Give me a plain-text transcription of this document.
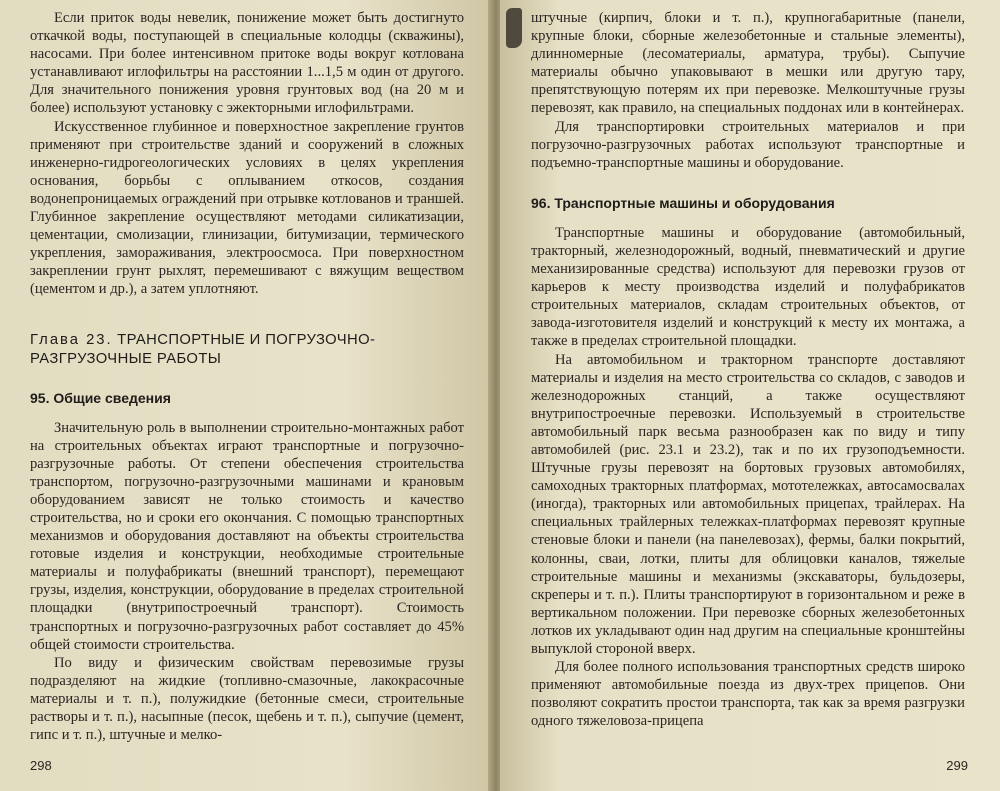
Если приток воды невелик, понижение может быть достигнуто откачкой воды, поступающей в специальные колодцы (скважины), насосами. При более интенсивном притоке воды вокруг котлована устанавливают иглофильтры на расстоянии 1...1,5 м один от другого. Для значительного понижения уровня грунтовых вод (на 20 м и более) используют установку с эжекторными иглофильтрами.

Искусственное глубинное и поверхностное закрепление грунтов применяют при строительстве зданий и сооружений в сложных инженерно-гидрогеологических условиях в целях укрепления основания, борьбы с оплыванием откосов, создания водонепроницаемых ограждений при отрывке котлованов и траншей. Глубинное закрепление осуществляют методами силикатизации, цементации, смолизации, глинизации, битумизации, термического укрепления, замораживания, электроосмоса. При поверхностном закреплении грунт рыхлят, перемешивают с вяжущим веществом (цементом и др.), а затем уплотняют.

Глава 23. ТРАНСПОРТНЫЕ И ПОГРУЗОЧНО-
РАЗГРУЗОЧНЫЕ РАБОТЫ
95. Общие сведения

Значительную роль в выполнении строительно-монтажных работ на строительных объектах играют транспортные и погрузочно-разгрузочные работы. От степени обеспечения строительства транспортом, погрузочно-разгрузочными машинами и крановым оборудованием зависят не только стоимость и качество строительства, но и сроки его окончания. С помощью транспортных механизмов и оборудования доставляют на объекты строительства готовые изделия и конструкции, необходимые строительные материалы и полуфабрикаты (внешний транспорт), перемещают грузы, изделия, конструкции, оборудование в пределах строительной площадки (внутрипостроечный транспорт). Стоимость транспортных и погрузочно-разгрузочных работ составляет до 45% общей стоимости строительства.

По виду и физическим свойствам перевозимые грузы подразделяют на жидкие (топливно-смазочные, лакокрасочные материалы и т. п.), полужидкие (бетонные смеси, строительные растворы и т. п.), насыпные (песок, щебень и т. п.), сыпучие (цемент, гипс и т. п.), штучные и мелко-

298

штучные (кирпич, блоки и т. п.), крупногабаритные (панели, крупные блоки, сборные железобетонные и стальные элементы), длинномерные (лесоматериалы, арматура, трубы). Сыпучие материалы обычно упаковывают в мешки или другую тару, препятствующую потерям их при перевозке. Мелкоштучные грузы перевозят, как правило, на специальных поддонах или в контейнерах.

Для транспортировки строительных материалов и при погрузочно-разгрузочных работах используют транспортные и подъемно-транспортные машины и оборудование.

96. Транспортные машины и оборудования

Транспортные машины и оборудование (автомобильный, тракторный, железнодорожный, водный, пневматический и другие механизированные средства) используют для перевозки грузов от карьеров к месту производства изделий и полуфабрикатов строительных материалов, складам строительных объектов, от завода-изготовителя изделий и конструкций к месту их монтажа, а также в пределах строительной площадки.

На автомобильном и тракторном транспорте доставляют материалы и изделия на место строительства со складов, с заводов и железнодорожных станций, а также осуществляют внутрипостроечные перевозки. Используемый в строительстве автомобильный парк весьма разнообразен как по виду и типу автомобилей (рис. 23.1 и 23.2), так и по их грузоподъемности. Штучные грузы перевозят на бортовых грузовых автомобилях, самоходных тракторных платформах, мототележках, автосамосвалах (иногда), тракторных или автомобильных прицепах, трайлерах. На специальных трайлерных тележках-платформах перевозят крупные стеновые блоки и панели (на панелевозах), фермы, балки покрытий, колонны, сваи, лотки, плиты для облицовки каналов, тяжелые строительные машины и механизмы (экскаваторы, бульдозеры, скреперы и т. п.). Плиты транспортируют в горизонтальном и реже в вертикальном положении. При перевозке сборных железобетонных лотков их укладывают один над другим на специальные кронштейны выпуклой стороной вверх.

Для более полного использования транспортных средств широко применяют автомобильные поезда из двух-трех прицепов. Они позволяют сократить простои транспорта, так как за время разгрузки одного тяжеловоза-прицепа

299
